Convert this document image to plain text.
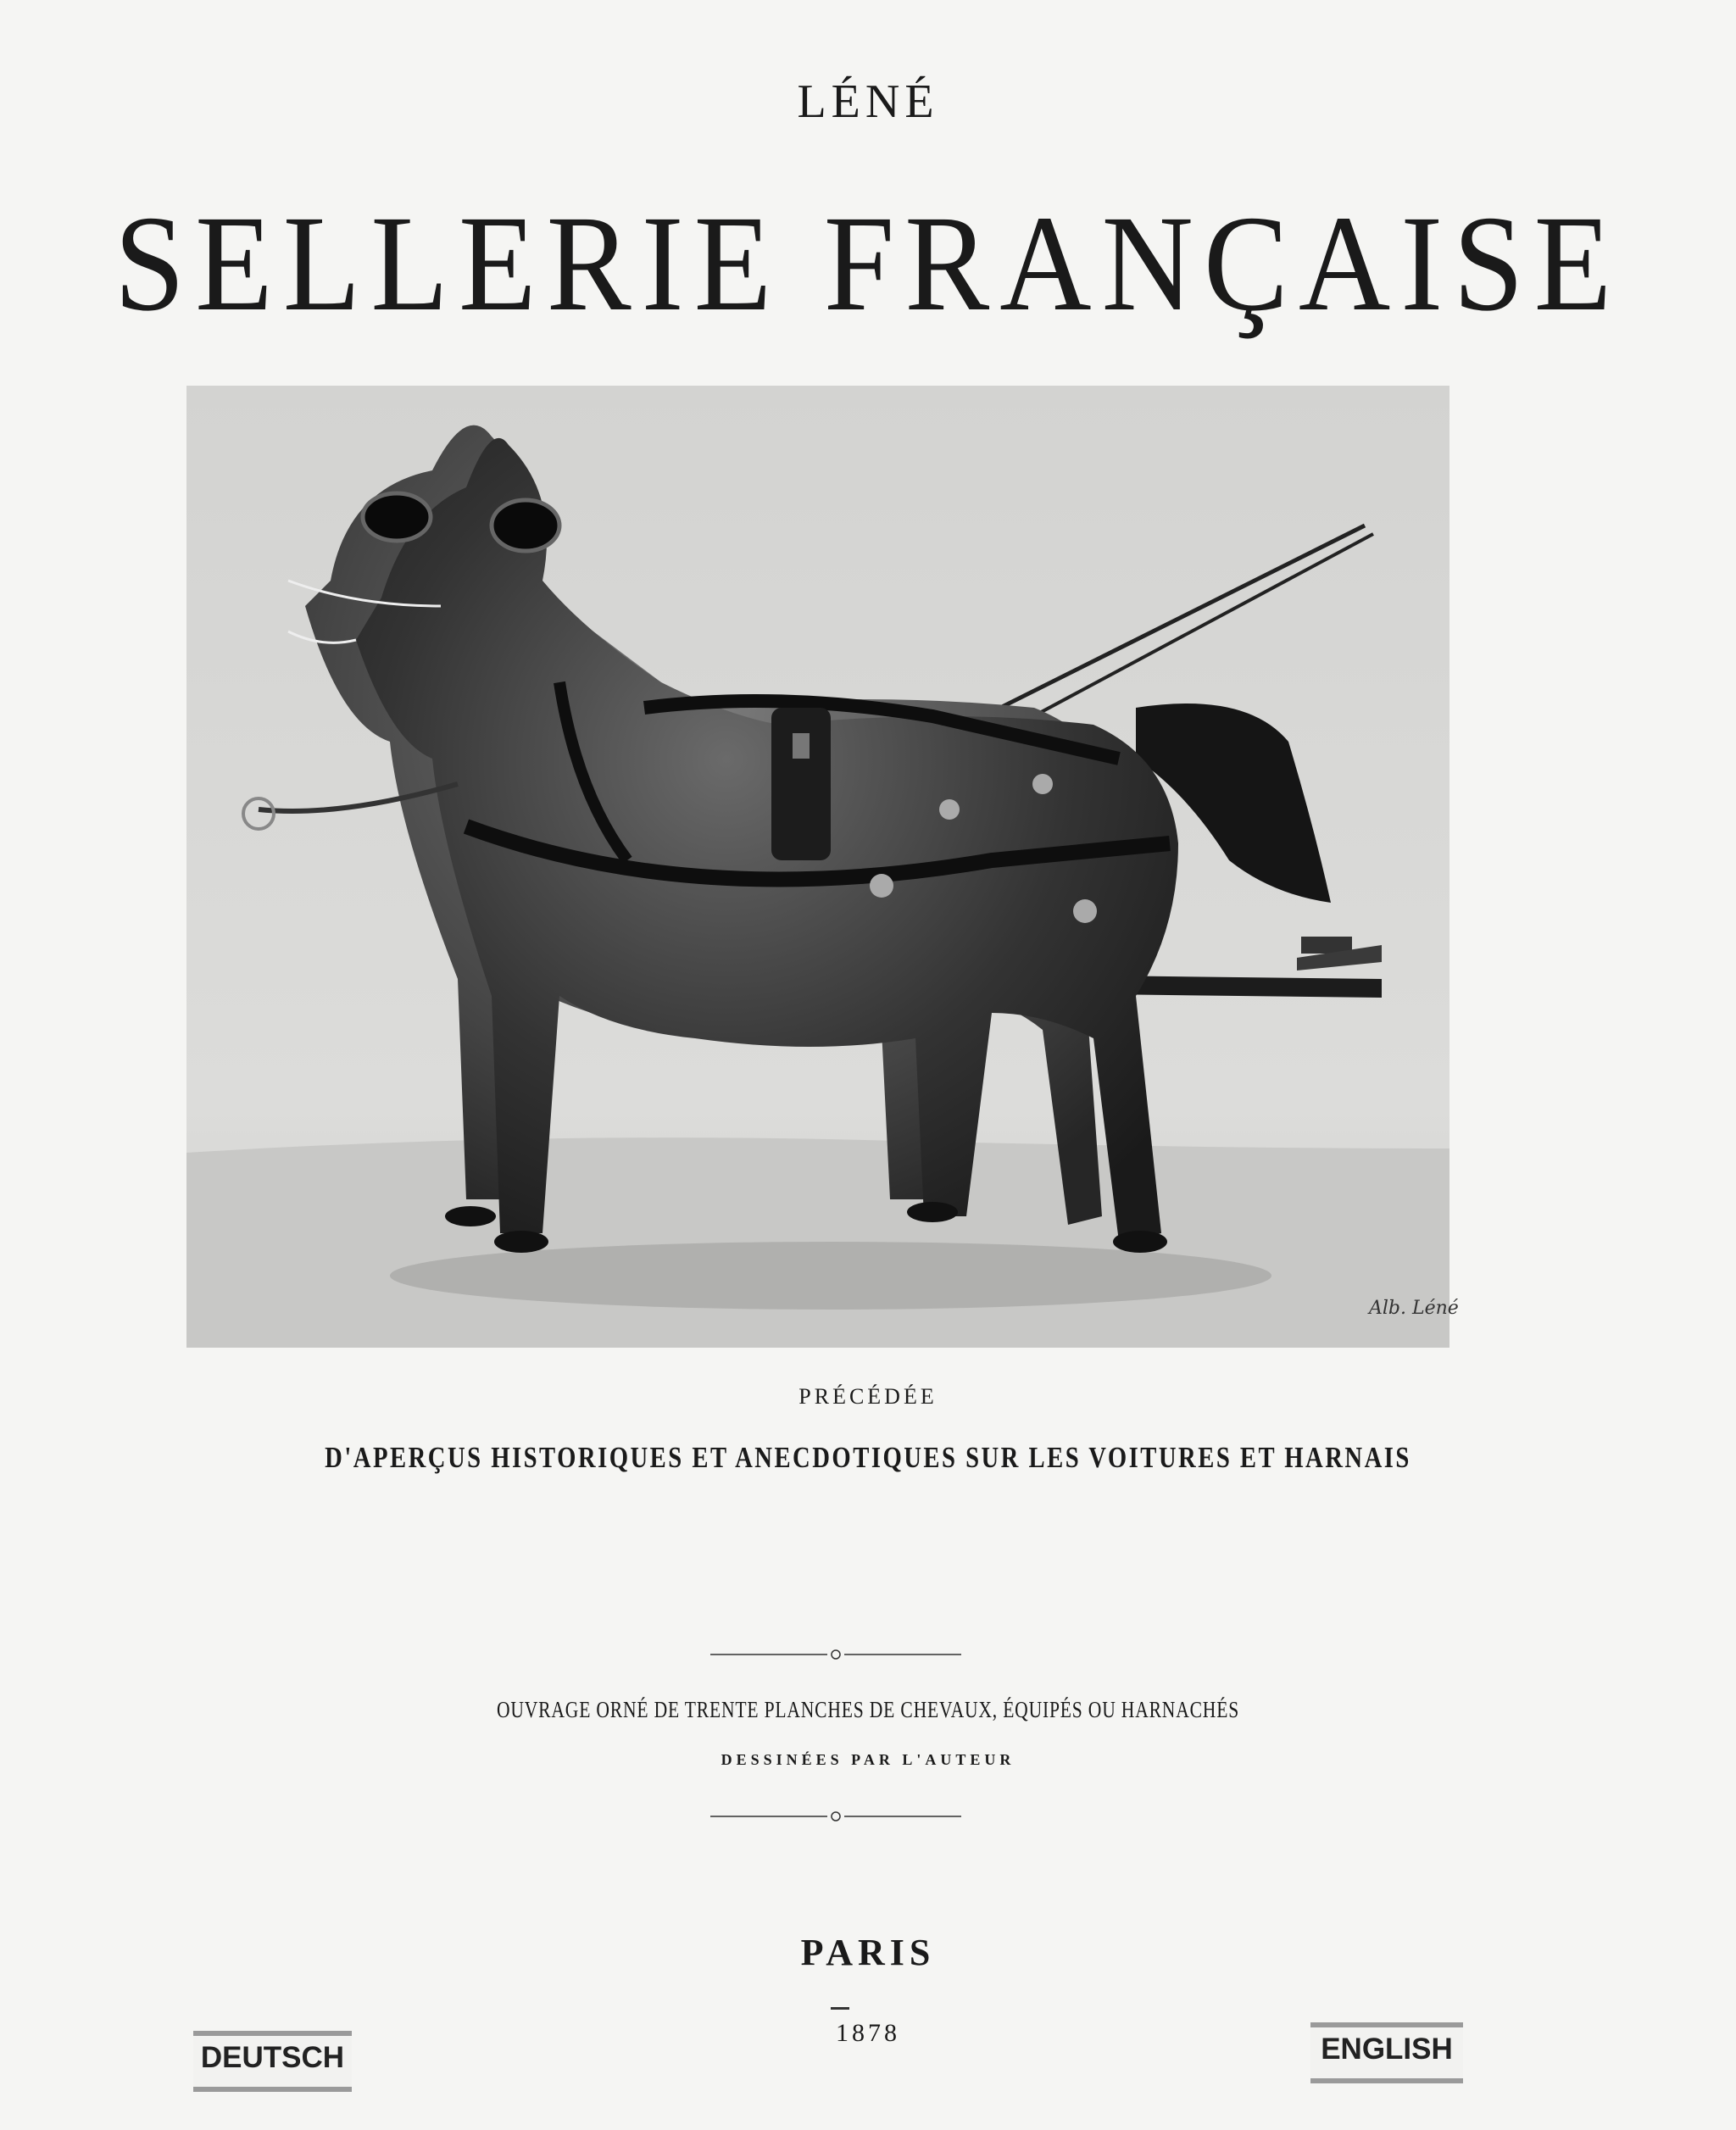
LÉNÉ
SELLERIE FRANÇAISE
Alb. Léné
PRÉCÉDÉE
D'APERÇUS HISTORIQUES ET ANECDOTIQUES SUR LES VOITURES ET HARNAIS
OUVRAGE ORNÉ DE TRENTE PLANCHES DE CHEVAUX, ÉQUIPÉS OU HARNACHÉS
DESSINÉES PAR L'AUTEUR
PARIS
1878
DEUTSCH	ENGLISH
